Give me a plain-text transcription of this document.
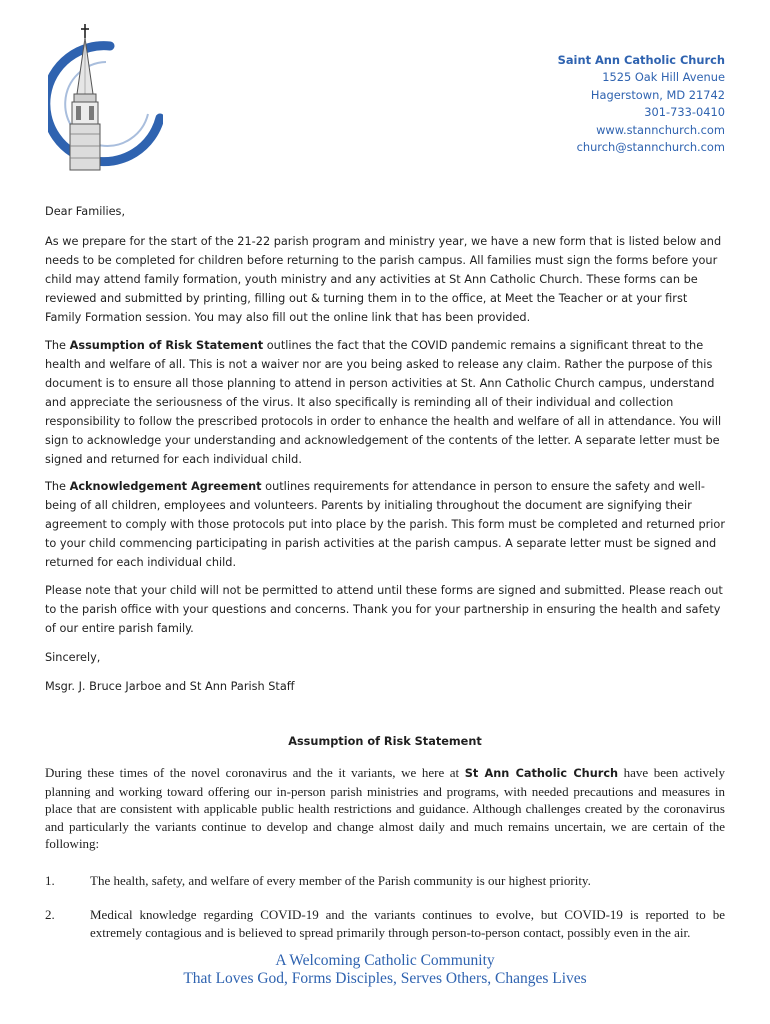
Saint Ann Catholic Church
1525 Oak Hill Avenue
Hagerstown, MD 21742
301-733-0410
www.stannchurch.com
church@stannchurch.com

Dear Families,

As we prepare for the start of the 21-22 parish program and ministry year, we have a new form that is listed below and needs to be completed for children before returning to the parish campus. All families must sign the forms before your child may attend family formation, youth ministry and any activities at St Ann Catholic Church. These forms can be reviewed and submitted by printing, filling out & turning them in to the office, at Meet the Teacher or at your first Family Formation session. You may also fill out the online link that has been provided.

The Assumption of Risk Statement outlines the fact that the COVID pandemic remains a significant threat to the health and welfare of all. This is not a waiver nor are you being asked to release any claim. Rather the purpose of this document is to ensure all those planning to attend in person activities at St. Ann Catholic Church campus, understand and appreciate the seriousness of the virus. It also specifically is reminding all of their individual and collection responsibility to follow the prescribed protocols in order to enhance the health and welfare of all in attendance. You will sign to acknowledge your understanding and acknowledgement of the contents of the letter. A separate letter must be signed and returned for each individual child.

The Acknowledgement Agreement outlines requirements for attendance in person to ensure the safety and well-being of all children, employees and volunteers. Parents by initialing throughout the document are signifying their agreement to comply with those protocols put into place by the parish. This form must be completed and returned prior to your child commencing participating in parish activities at the parish campus. A separate letter must be signed and returned for each individual child.

Please note that your child will not be permitted to attend until these forms are signed and submitted. Please reach out to the parish office with your questions and concerns. Thank you for your partnership in ensuring the health and safety of our entire parish family.

Sincerely,

Msgr. J. Bruce Jarboe and St Ann Parish Staff

Assumption of Risk Statement

During these times of the novel coronavirus and the it variants, we here at St Ann Catholic Church have been actively planning and working toward offering our in-person parish ministries and programs, with needed precautions and measures in place that are consistent with applicable public health restrictions and guidance. Although challenges created by the coronavirus and particularly the variants continue to develop and change almost daily and much remains uncertain, we are certain of the following:

1.	The health, safety, and welfare of every member of the Parish community is our highest priority.
2.	Medical knowledge regarding COVID-19 and the variants continues to evolve, but COVID-19 is reported to be extremely contagious and is believed to spread primarily through person-to-person contact, possibly even in the air.
A Welcoming Catholic Community
That Loves God, Forms Disciples, Serves Others, Changes Lives
